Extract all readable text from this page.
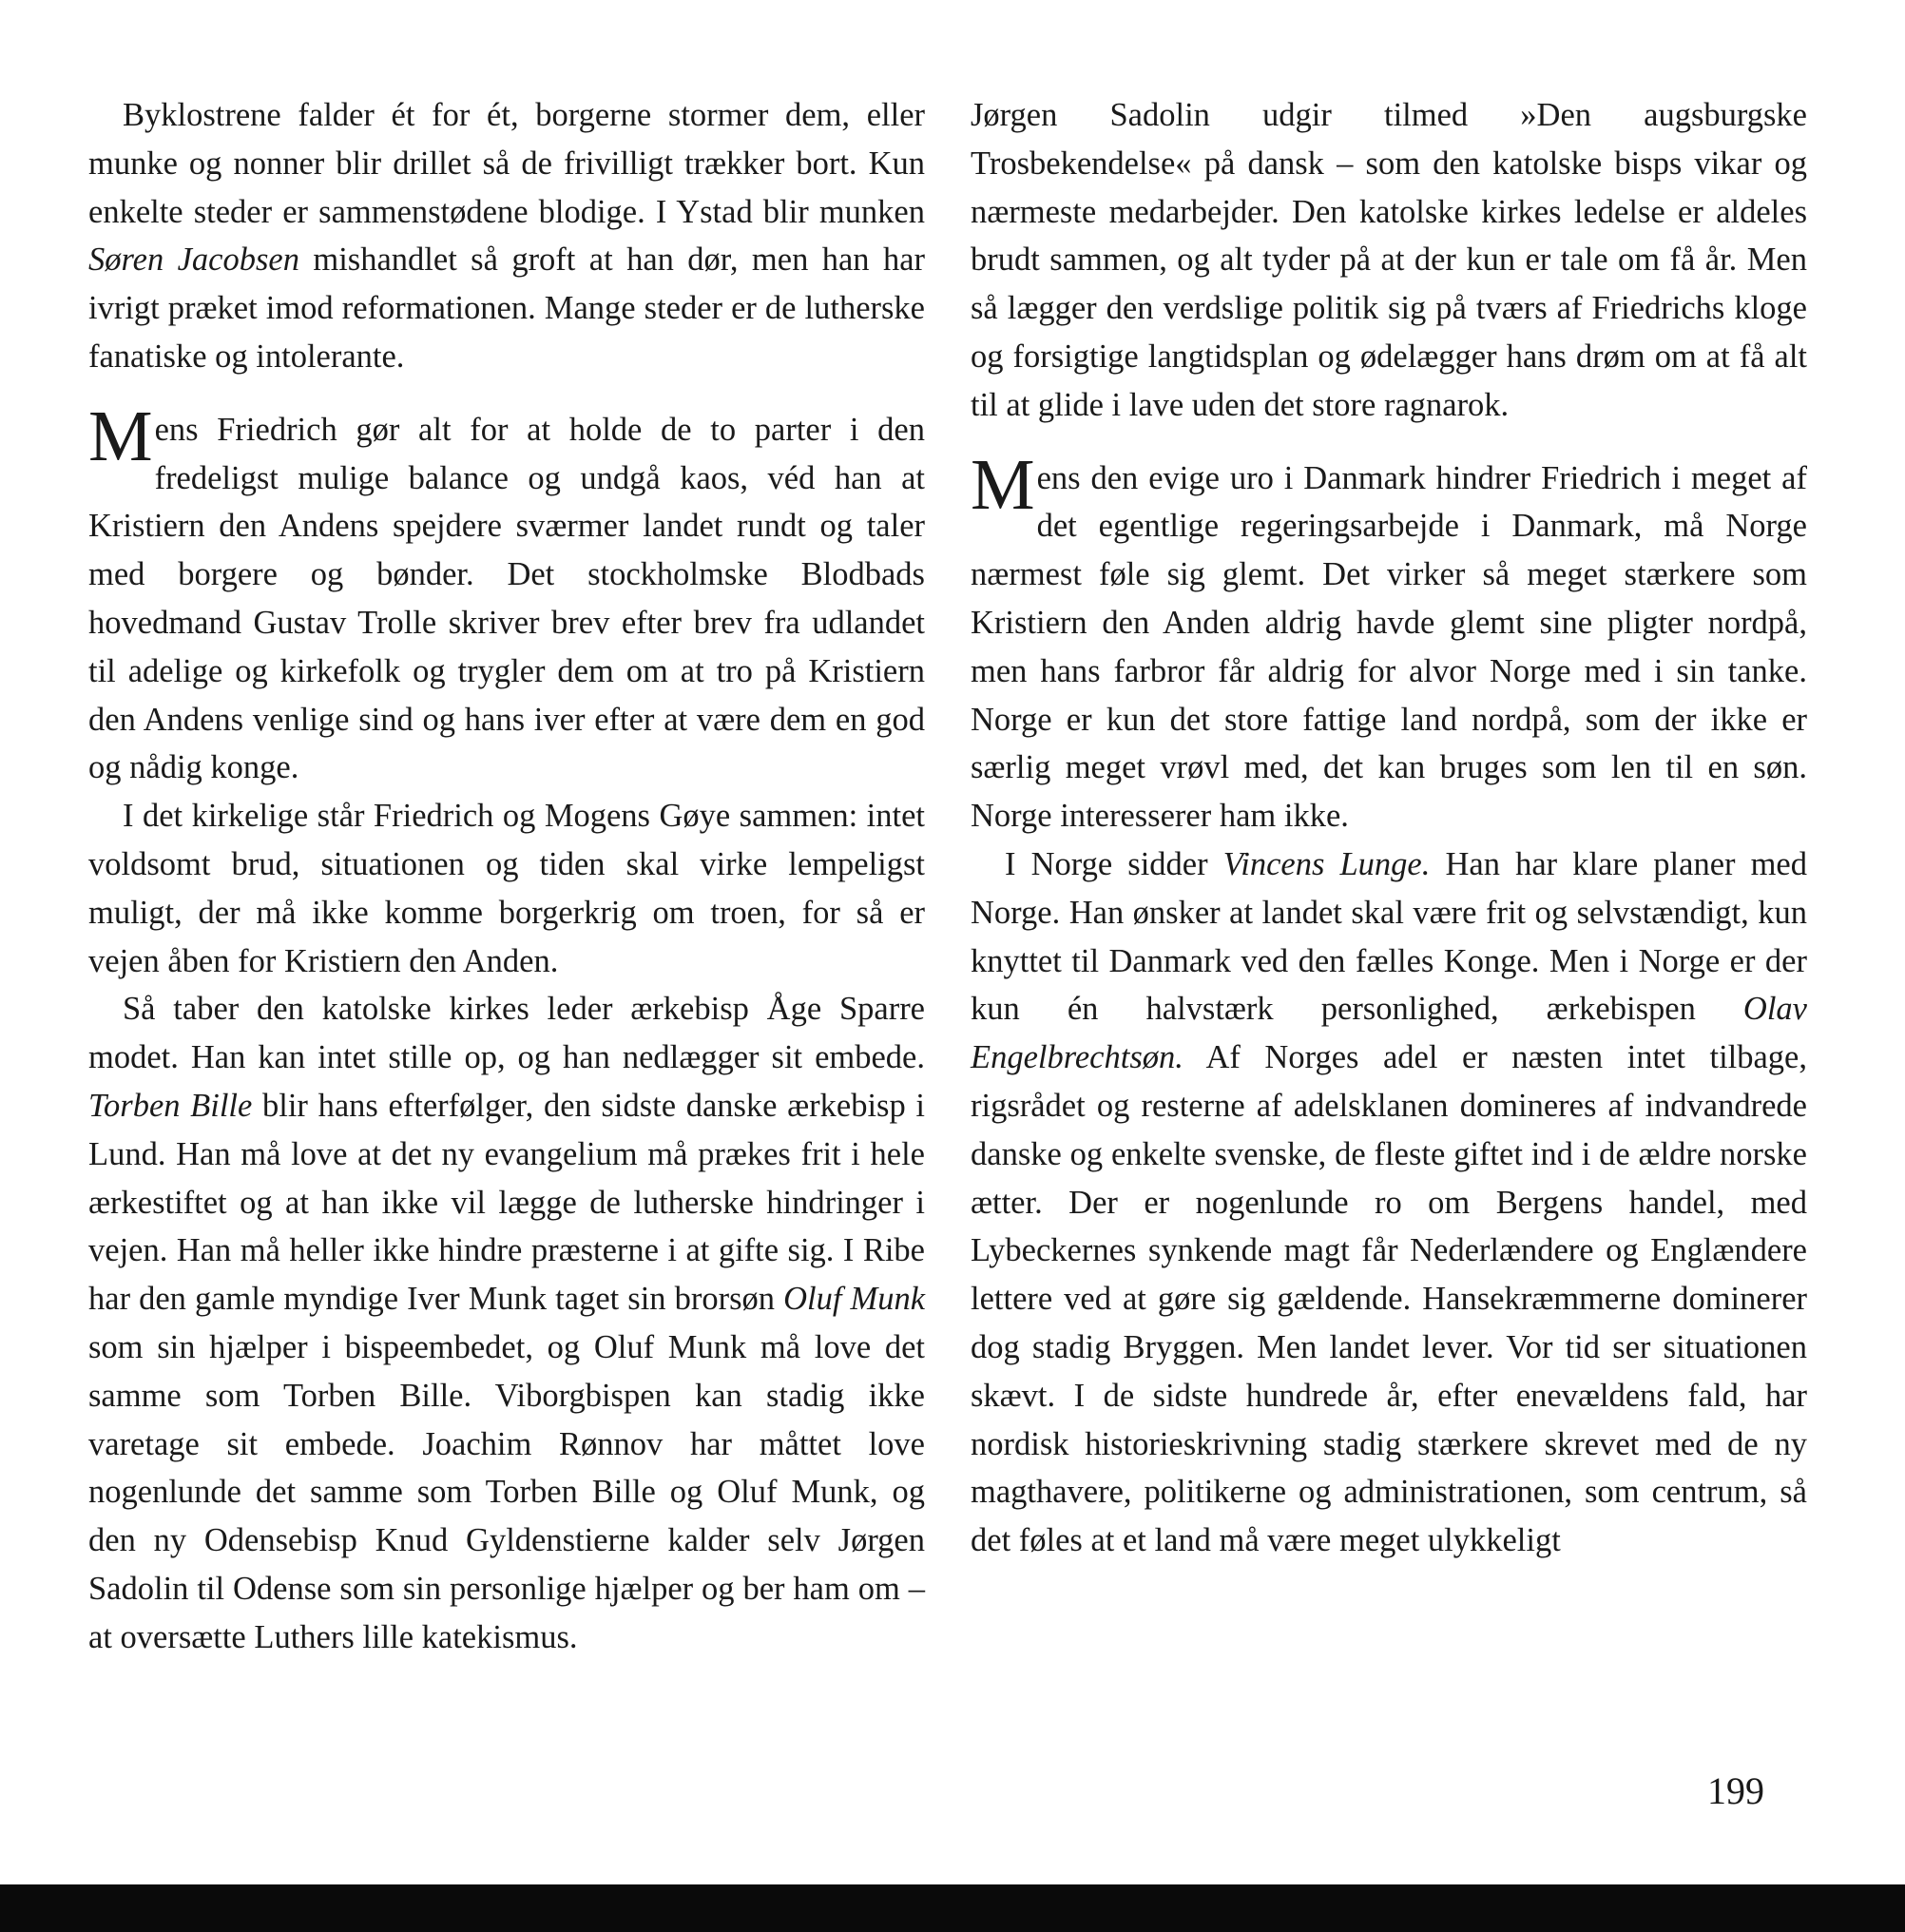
Byklostrene falder ét for ét, borgerne stormer dem, eller munke og nonner blir drillet så de frivilligt trækker bort. Kun enkelte steder er sammenstødene blodige. I Ystad blir munken Søren Jacobsen mishandlet så groft at han dør, men han har ivrigt præket imod reformationen. Mange steder er de lutherske fanatiske og intolerante.

Mens Friedrich gør alt for at holde de to parter i den fredeligst mulige balance og undgå kaos, véd han at Kristiern den Andens spejdere sværmer landet rundt og taler med borgere og bønder. Det stockholmske Blodbads hovedmand Gustav Trolle skriver brev efter brev fra udlandet til adelige og kirkefolk og trygler dem om at tro på Kristiern den Andens venlige sind og hans iver efter at være dem en god og nådig konge.

I det kirkelige står Friedrich og Mogens Gøye sammen: intet voldsomt brud, situationen og tiden skal virke lempeligst muligt, der må ikke komme borgerkrig om troen, for så er vejen åben for Kristiern den Anden.

Så taber den katolske kirkes leder ærkebisp Åge Sparre modet. Han kan intet stille op, og han nedlægger sit embede. Torben Bille blir hans efterfølger, den sidste danske ærkebisp i Lund. Han må love at det ny evangelium må prækes frit i hele ærkestiftet og at han ikke vil lægge de lutherske hindringer i vejen. Han må heller ikke hindre præsterne i at gifte sig. I Ribe har den gamle myndige Iver Munk taget sin brorsøn Oluf Munk som sin hjælper i bispeembedet, og Oluf Munk må love det samme som Torben Bille. Viborgbispen kan stadig ikke varetage sit embede. Joachim Rønnov har måttet love nogenlunde det samme som Torben Bille og Oluf Munk, og den ny Odensebisp Knud Gyldenstierne kalder selv Jørgen Sadolin til Odense som sin personlige hjælper og ber ham om – at oversætte Luthers lille katekismus.

Jørgen Sadolin udgir tilmed »Den augsburgske Trosbekendelse« på dansk – som den katolske bisps vikar og nærmeste medarbejder. Den katolske kirkes ledelse er aldeles brudt sammen, og alt tyder på at der kun er tale om få år. Men så lægger den verdslige politik sig på tværs af Friedrichs kloge og forsigtige langtidsplan og ødelægger hans drøm om at få alt til at glide i lave uden det store ragnarok.

Mens den evige uro i Danmark hindrer Friedrich i meget af det egentlige regeringsarbejde i Danmark, må Norge nærmest føle sig glemt. Det virker så meget stærkere som Kristiern den Anden aldrig havde glemt sine pligter nordpå, men hans farbror får aldrig for alvor Norge med i sin tanke. Norge er kun det store fattige land nordpå, som der ikke er særlig meget vrøvl med, det kan bruges som len til en søn. Norge interesserer ham ikke.

I Norge sidder Vincens Lunge. Han har klare planer med Norge. Han ønsker at landet skal være frit og selvstændigt, kun knyttet til Danmark ved den fælles Konge. Men i Norge er der kun én halvstærk personlighed, ærkebispen Olav Engelbrechtsøn. Af Norges adel er næsten intet tilbage, rigsrådet og resterne af adelsklanen domineres af indvandrede danske og enkelte svenske, de fleste giftet ind i de ældre norske ætter. Der er nogenlunde ro om Bergens handel, med Lybeckernes synkende magt får Nederlændere og Englændere lettere ved at gøre sig gældende. Hansekræmmerne dominerer dog stadig Bryggen. Men landet lever. Vor tid ser situationen skævt. I de sidste hundrede år, efter enevældens fald, har nordisk historieskrivning stadig stærkere skrevet med de ny magthavere, politikerne og administrationen, som centrum, så det føles at et land må være meget ulykkeligt

199
